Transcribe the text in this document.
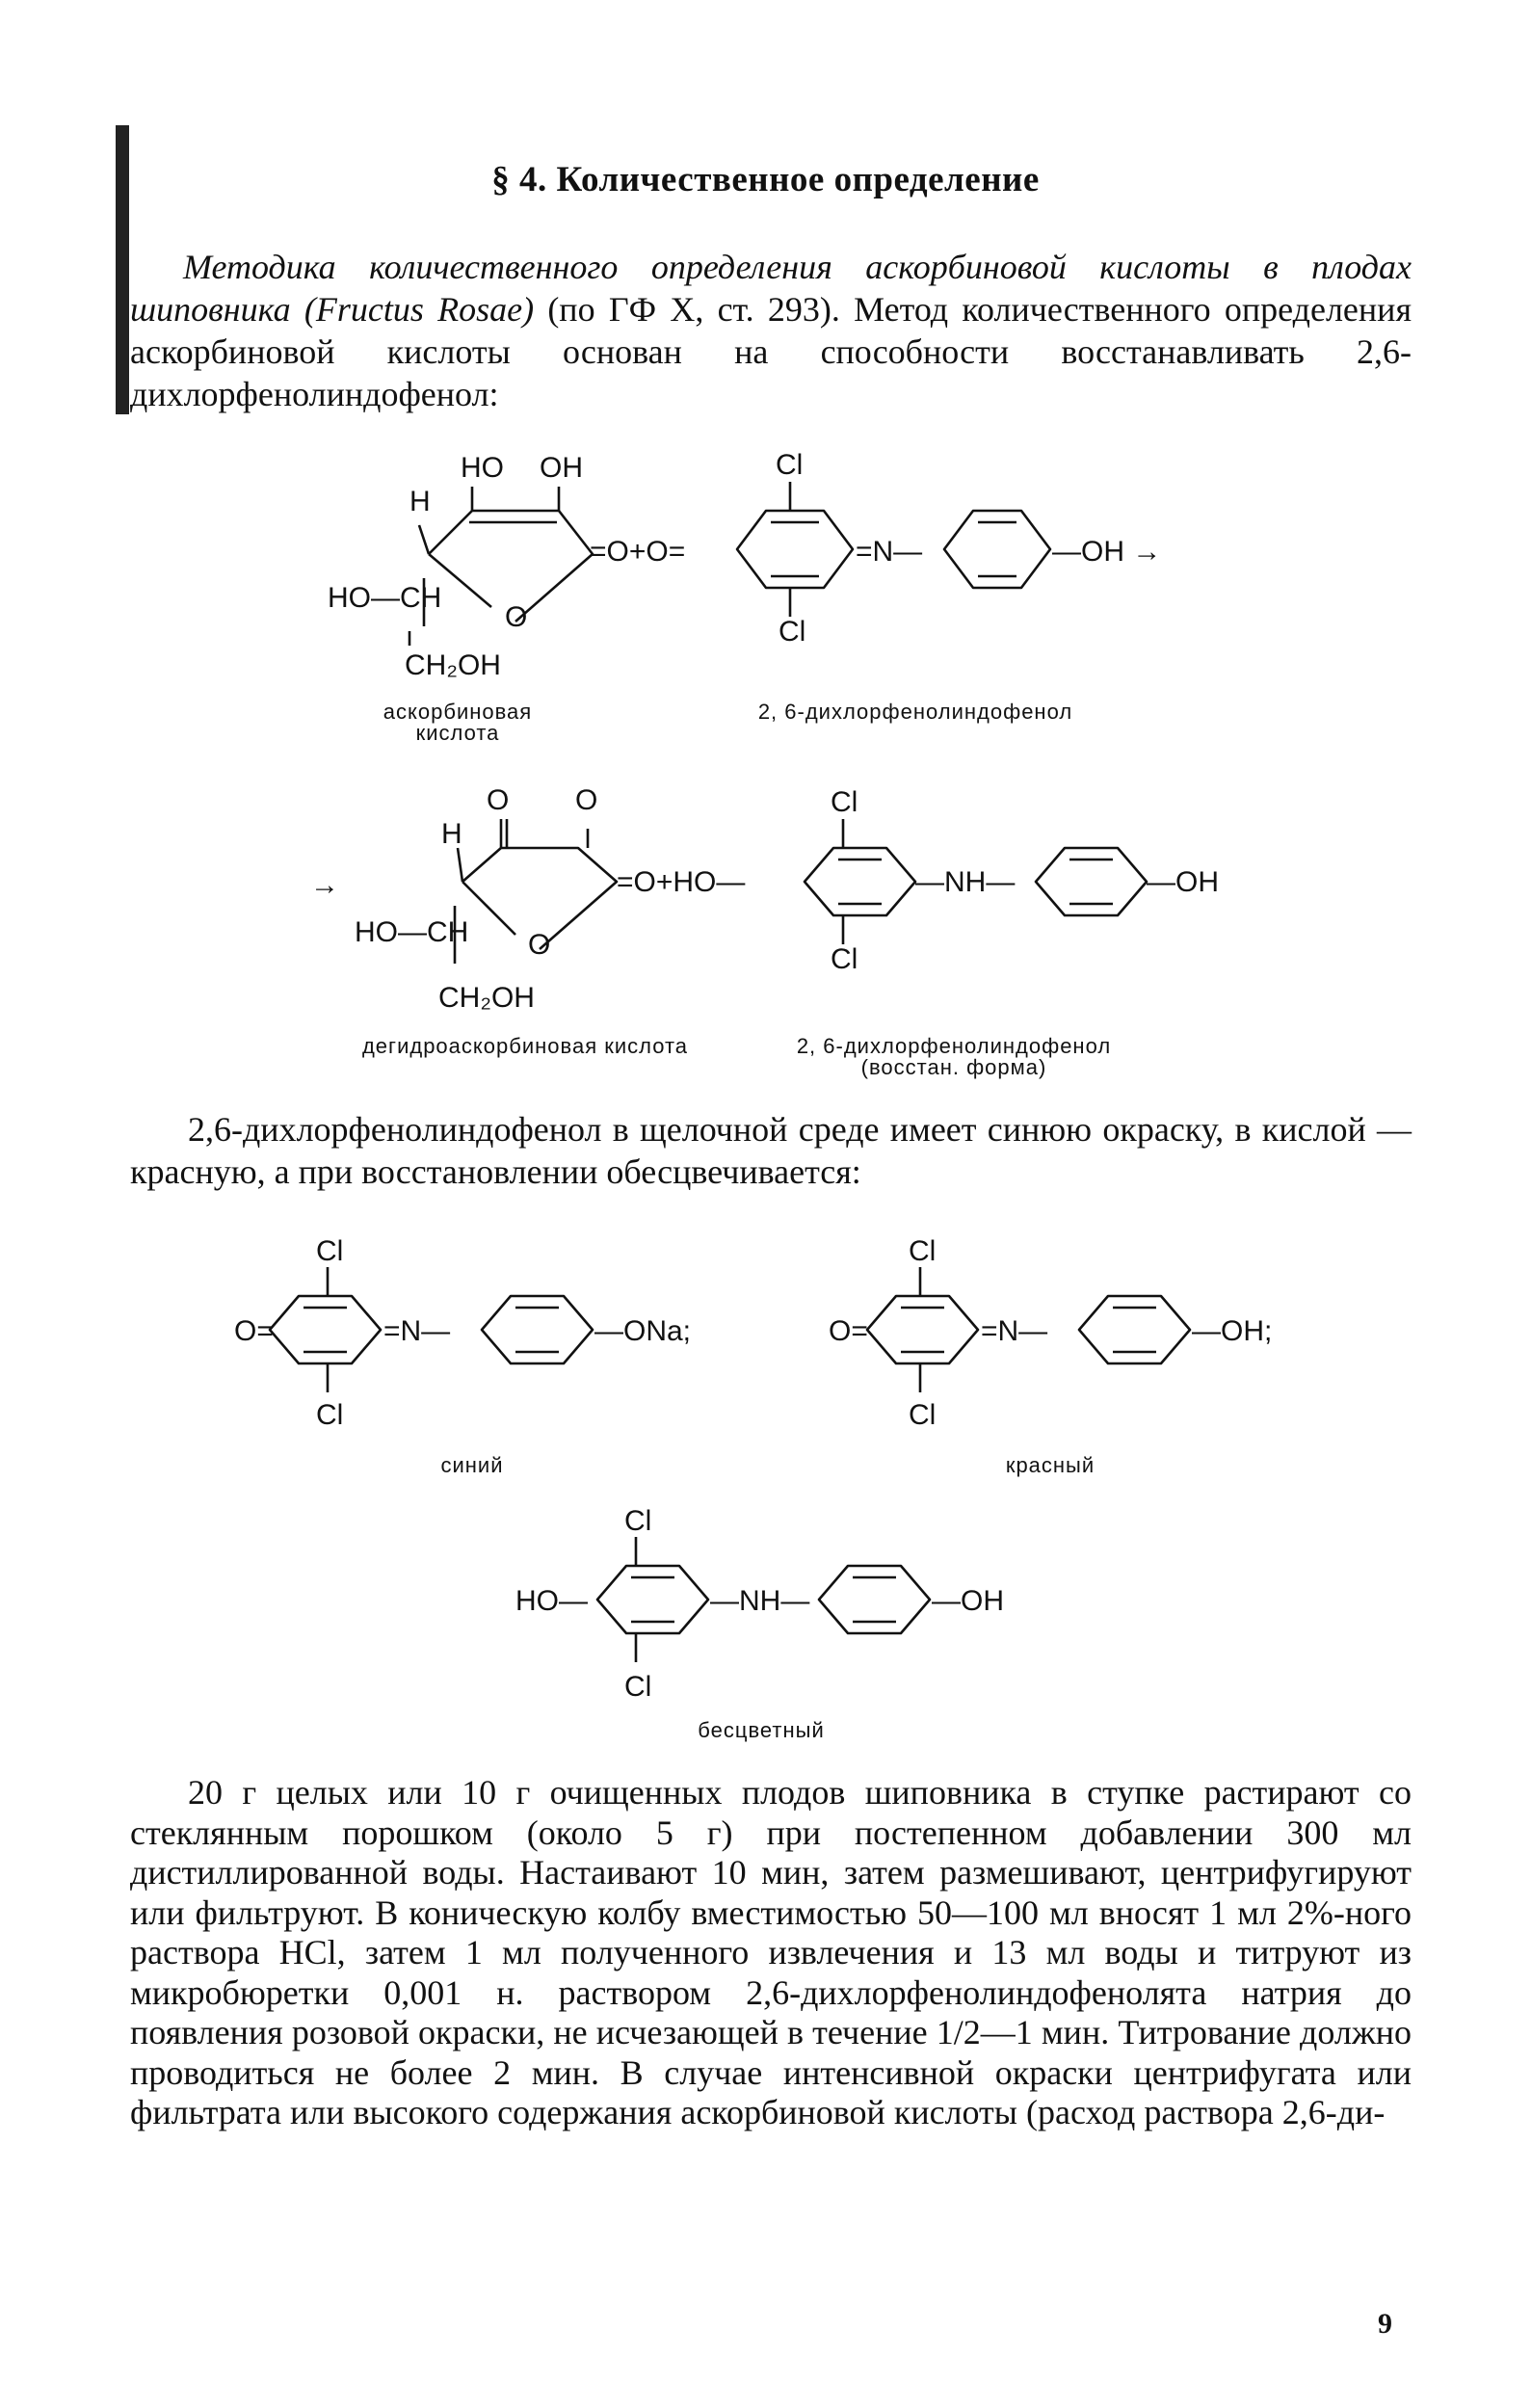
§ 4. Количественное определение
Методика количественного определения аскорбиновой кислоты в плодах шиповника (Fructus Rosae) (по ГФ X, ст. 293). Метод количественного определения аскорбиновой кислоты основан на способности восстанавливать 2,6-дихлорфенолиндофенол:
HO OH
H
HO—CH
O
CH₂OH
=O+O=
Cl
Cl
=N—	—OH →
→
O O
H
HO—CH O
CH₂OH
=O+HO—
Cl
Cl
—NH—	—OH
Cl
Cl
O=	=N—	—ONa;
Cl
Cl
O=	=N—	—OH;
Cl
Cl
HO—	—NH—	—OH
аскорбиновая кислота
2, 6-дихлорфенолиндофенол
дегидроаскорбиновая кислота	2, 6-дихлорфенолиндофенол (восстан. форма)
синий	красный
бесцветный
2,6-дихлорфенолиндофенол в щелочной среде имеет синюю окраску, в кислой — красную, а при восстановлении обесцвечивается:
20 г целых или 10 г очищенных плодов шиповника в ступке растирают со стеклянным порошком (около 5 г) при постепенном добавлении 300 мл дистиллированной воды. Настаивают 10 мин, затем размешивают, центрифугируют или фильтруют. В коническую колбу вместимостью 50—100 мл вносят 1 мл 2%-ного раствора HCl, затем 1 мл полученного извлечения и 13 мл воды и титруют из микробюретки 0,001 н. раствором 2,6-дихлорфенолиндофенолята натрия до появления розовой окраски, не исчезающей в течение 1/2—1 мин. Титрование должно проводиться не более 2 мин. В случае интенсивной окраски центрифугата или фильтрата или высокого содержания аскорбиновой кислоты (расход раствора 2,6-ди-
9
